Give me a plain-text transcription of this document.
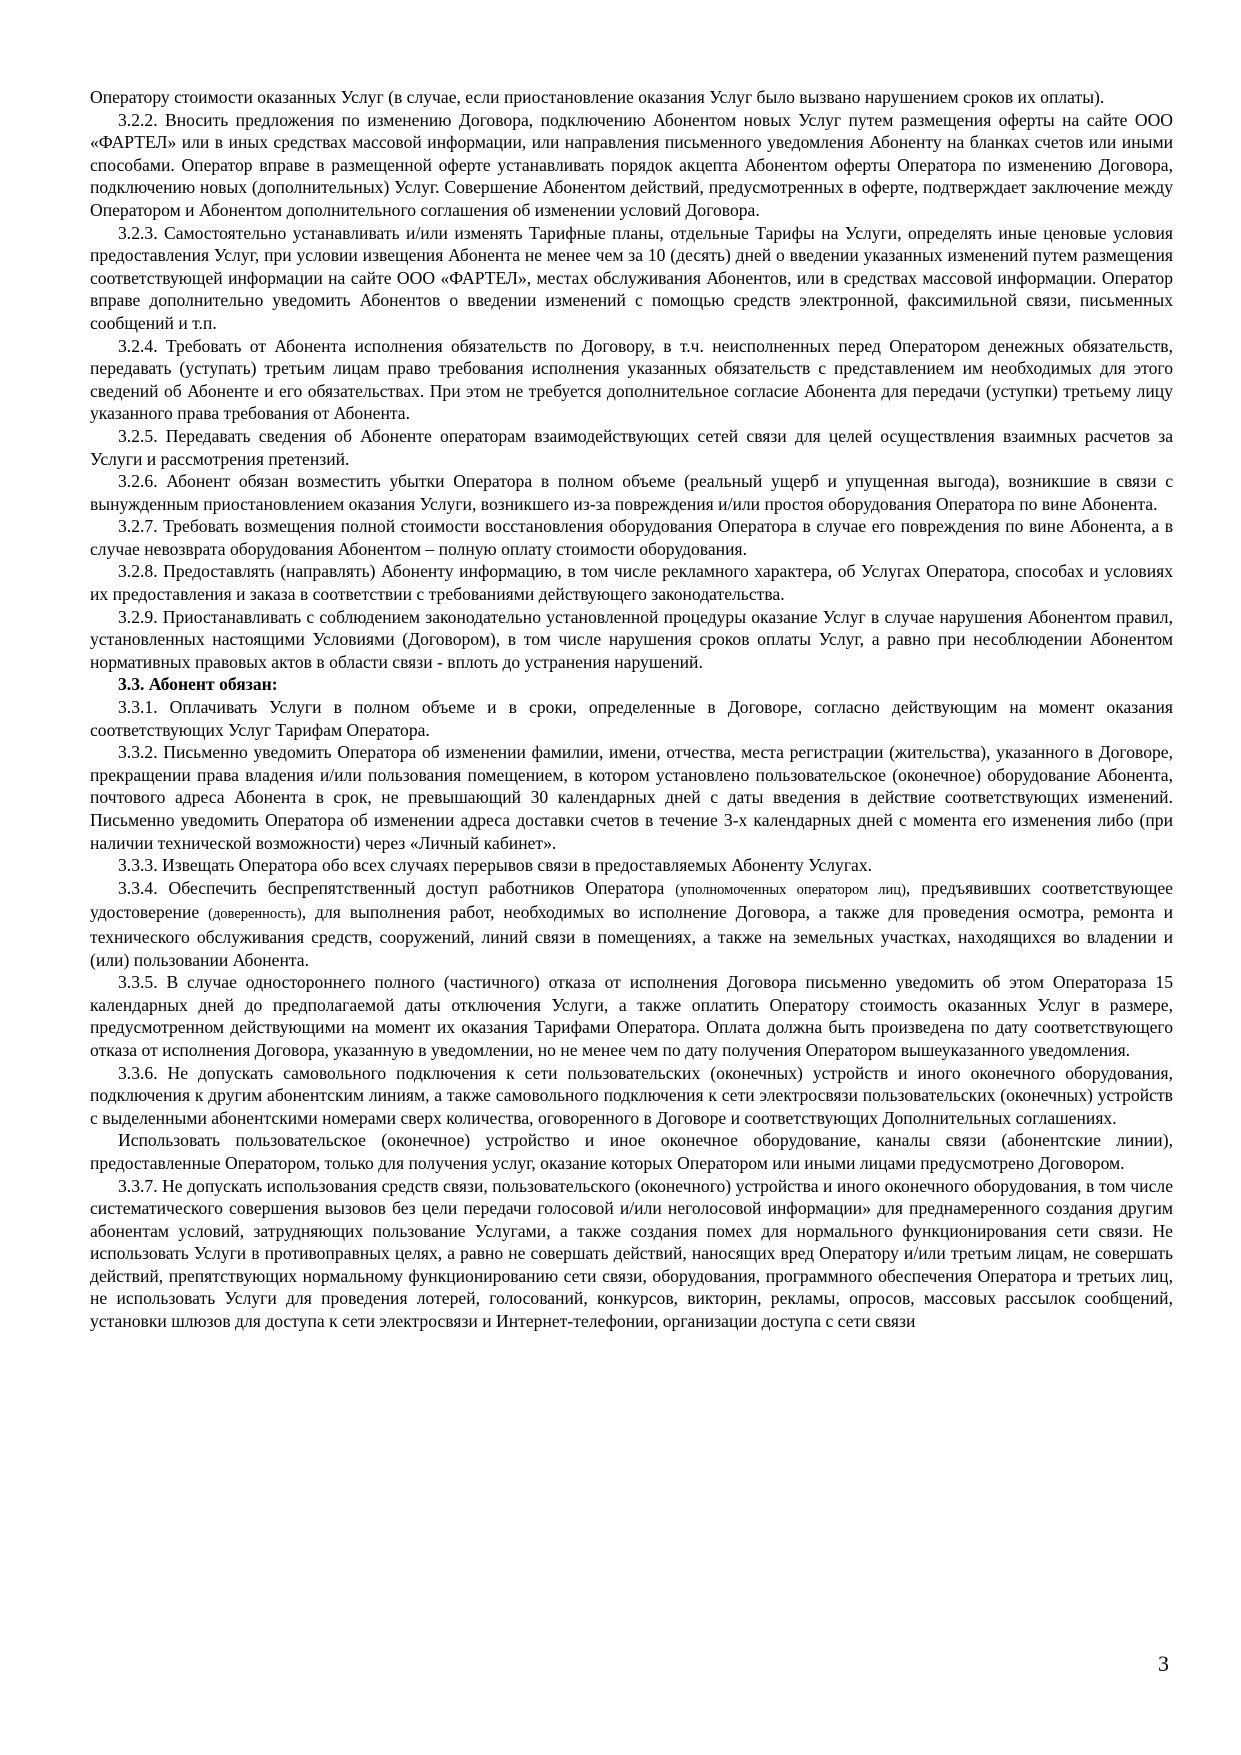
Оператору стоимости оказанных Услуг (в случае, если приостановление оказания Услуг было вызвано нарушением сроков их оплаты).

3.2.2. Вносить предложения по изменению Договора, подключению Абонентом новых Услуг путем размещения оферты на сайте ООО «ФАРТЕЛ» или в иных средствах массовой информации, или направления письменного уведомления Абоненту на бланках счетов или иными способами. Оператор вправе в размещенной оферте устанавливать порядок акцепта Абонентом оферты Оператора по изменению Договора, подключению новых (дополнительных) Услуг. Совершение Абонентом действий, предусмотренных в оферте, подтверждает заключение между Оператором и Абонентом дополнительного соглашения об изменении условий Договора.

3.2.3. Самостоятельно устанавливать и/или изменять Тарифные планы, отдельные Тарифы на Услуги, определять иные ценовые условия предоставления Услуг, при условии извещения Абонента не менее чем за 10 (десять) дней о введении указанных изменений путем размещения соответствующей информации на сайте ООО «ФАРТЕЛ», местах обслуживания Абонентов, или в средствах массовой информации. Оператор вправе дополнительно уведомить Абонентов о введении изменений с помощью средств электронной, факсимильной связи, письменных сообщений и т.п.

3.2.4. Требовать от Абонента исполнения обязательств по Договору, в т.ч. неисполненных перед Оператором денежных обязательств, передавать (уступать) третьим лицам право требования исполнения указанных обязательств с представлением им необходимых для этого сведений об Абоненте и его обязательствах. При этом не требуется дополнительное согласие Абонента для передачи (уступки) третьему лицу указанного права требования от Абонента.

3.2.5. Передавать сведения об Абоненте операторам взаимодействующих сетей связи для целей осуществления взаимных расчетов за Услуги и рассмотрения претензий.

3.2.6. Абонент обязан возместить убытки Оператора в полном объеме (реальный ущерб и упущенная выгода), возникшие в связи с вынужденным приостановлением оказания Услуги, возникшего из-за повреждения и/или простоя оборудования Оператора по вине Абонента.

3.2.7. Требовать возмещения полной стоимости восстановления оборудования Оператора в случае его повреждения по вине Абонента, а в случае невозврата оборудования Абонентом – полную оплату стоимости оборудования.

3.2.8. Предоставлять (направлять) Абоненту информацию, в том числе рекламного характера, об Услугах Оператора, способах и условиях их предоставления и заказа в соответствии с требованиями действующего законодательства.

3.2.9. Приостанавливать с соблюдением законодательно установленной процедуры оказание Услуг в случае нарушения Абонентом правил, установленных настоящими Условиями (Договором), в том числе нарушения сроков оплаты Услуг, а равно при несоблюдении Абонентом нормативных правовых актов в области связи - вплоть до устранения нарушений.

3.3. Абонент обязан:

3.3.1. Оплачивать Услуги в полном объеме и в сроки, определенные в Договоре, согласно действующим на момент оказания соответствующих Услуг Тарифам Оператора.

3.3.2. Письменно уведомить Оператора об изменении фамилии, имени, отчества, места регистрации (жительства), указанного в Договоре, прекращении права владения и/или пользования помещением, в котором установлено пользовательское (оконечное) оборудование Абонента, почтового адреса Абонента в срок, не превышающий 30 календарных дней с даты введения в действие соответствующих изменений. Письменно уведомить Оператора об изменении адреса доставки счетов в течение 3-х календарных дней с момента его изменения либо (при наличии технической возможности) через «Личный кабинет».

3.3.3. Извещать Оператора обо всех случаях перерывов связи в предоставляемых Абоненту Услугах.

3.3.4. Обеспечить беспрепятственный доступ работников Оператора (уполномоченных оператором лиц), предъявивших соответствующее удостоверение (доверенность), для выполнения работ, необходимых во исполнение Договора, а также для проведения осмотра, ремонта и технического обслуживания средств, сооружений, линий связи в помещениях, а также на земельных участках, находящихся во владении и (или) пользовании Абонента.

3.3.5. В случае одностороннего полного (частичного) отказа от исполнения Договора письменно уведомить об этом Оператораза 15 календарных дней до предполагаемой даты отключения Услуги, а также оплатить Оператору стоимость оказанных Услуг в размере, предусмотренном действующими на момент их оказания Тарифами Оператора. Оплата должна быть произведена по дату соответствующего отказа от исполнения Договора, указанную в уведомлении, но не менее чем по дату получения Оператором вышеуказанного уведомления.

3.3.6. Не допускать самовольного подключения к сети пользовательских (оконечных) устройств и иного оконечного оборудования, подключения к другим абонентским линиям, а также самовольного подключения к сети электросвязи пользовательских (оконечных) устройств с выделенными абонентскими номерами сверх количества, оговоренного в Договоре и соответствующих Дополнительных соглашениях.

Использовать пользовательское (оконечное) устройство и иное оконечное оборудование, каналы связи (абонентские линии), предоставленные Оператором, только для получения услуг, оказание которых Оператором или иными лицами предусмотрено Договором.

3.3.7. Не допускать использования средств связи, пользовательского (оконечного) устройства и иного оконечного оборудования, в том числе систематического совершения вызовов без цели передачи голосовой и/или неголосовой информации» для преднамеренного создания другим абонентам условий, затрудняющих пользование Услугами, а также создания помех для нормального функционирования сети связи. Не использовать Услуги в противоправных целях, а равно не совершать действий, наносящих вред Оператору и/или третьим лицам, не совершать действий, препятствующих нормальному функционированию сети связи, оборудования, программного обеспечения Оператора и третьих лиц, не использовать Услуги для проведения лотерей, голосований, конкурсов, викторин, рекламы, опросов, массовых рассылок сообщений, установки шлюзов для доступа к сети электросвязи и Интернет-телефонии, организации доступа с сети связи

3
